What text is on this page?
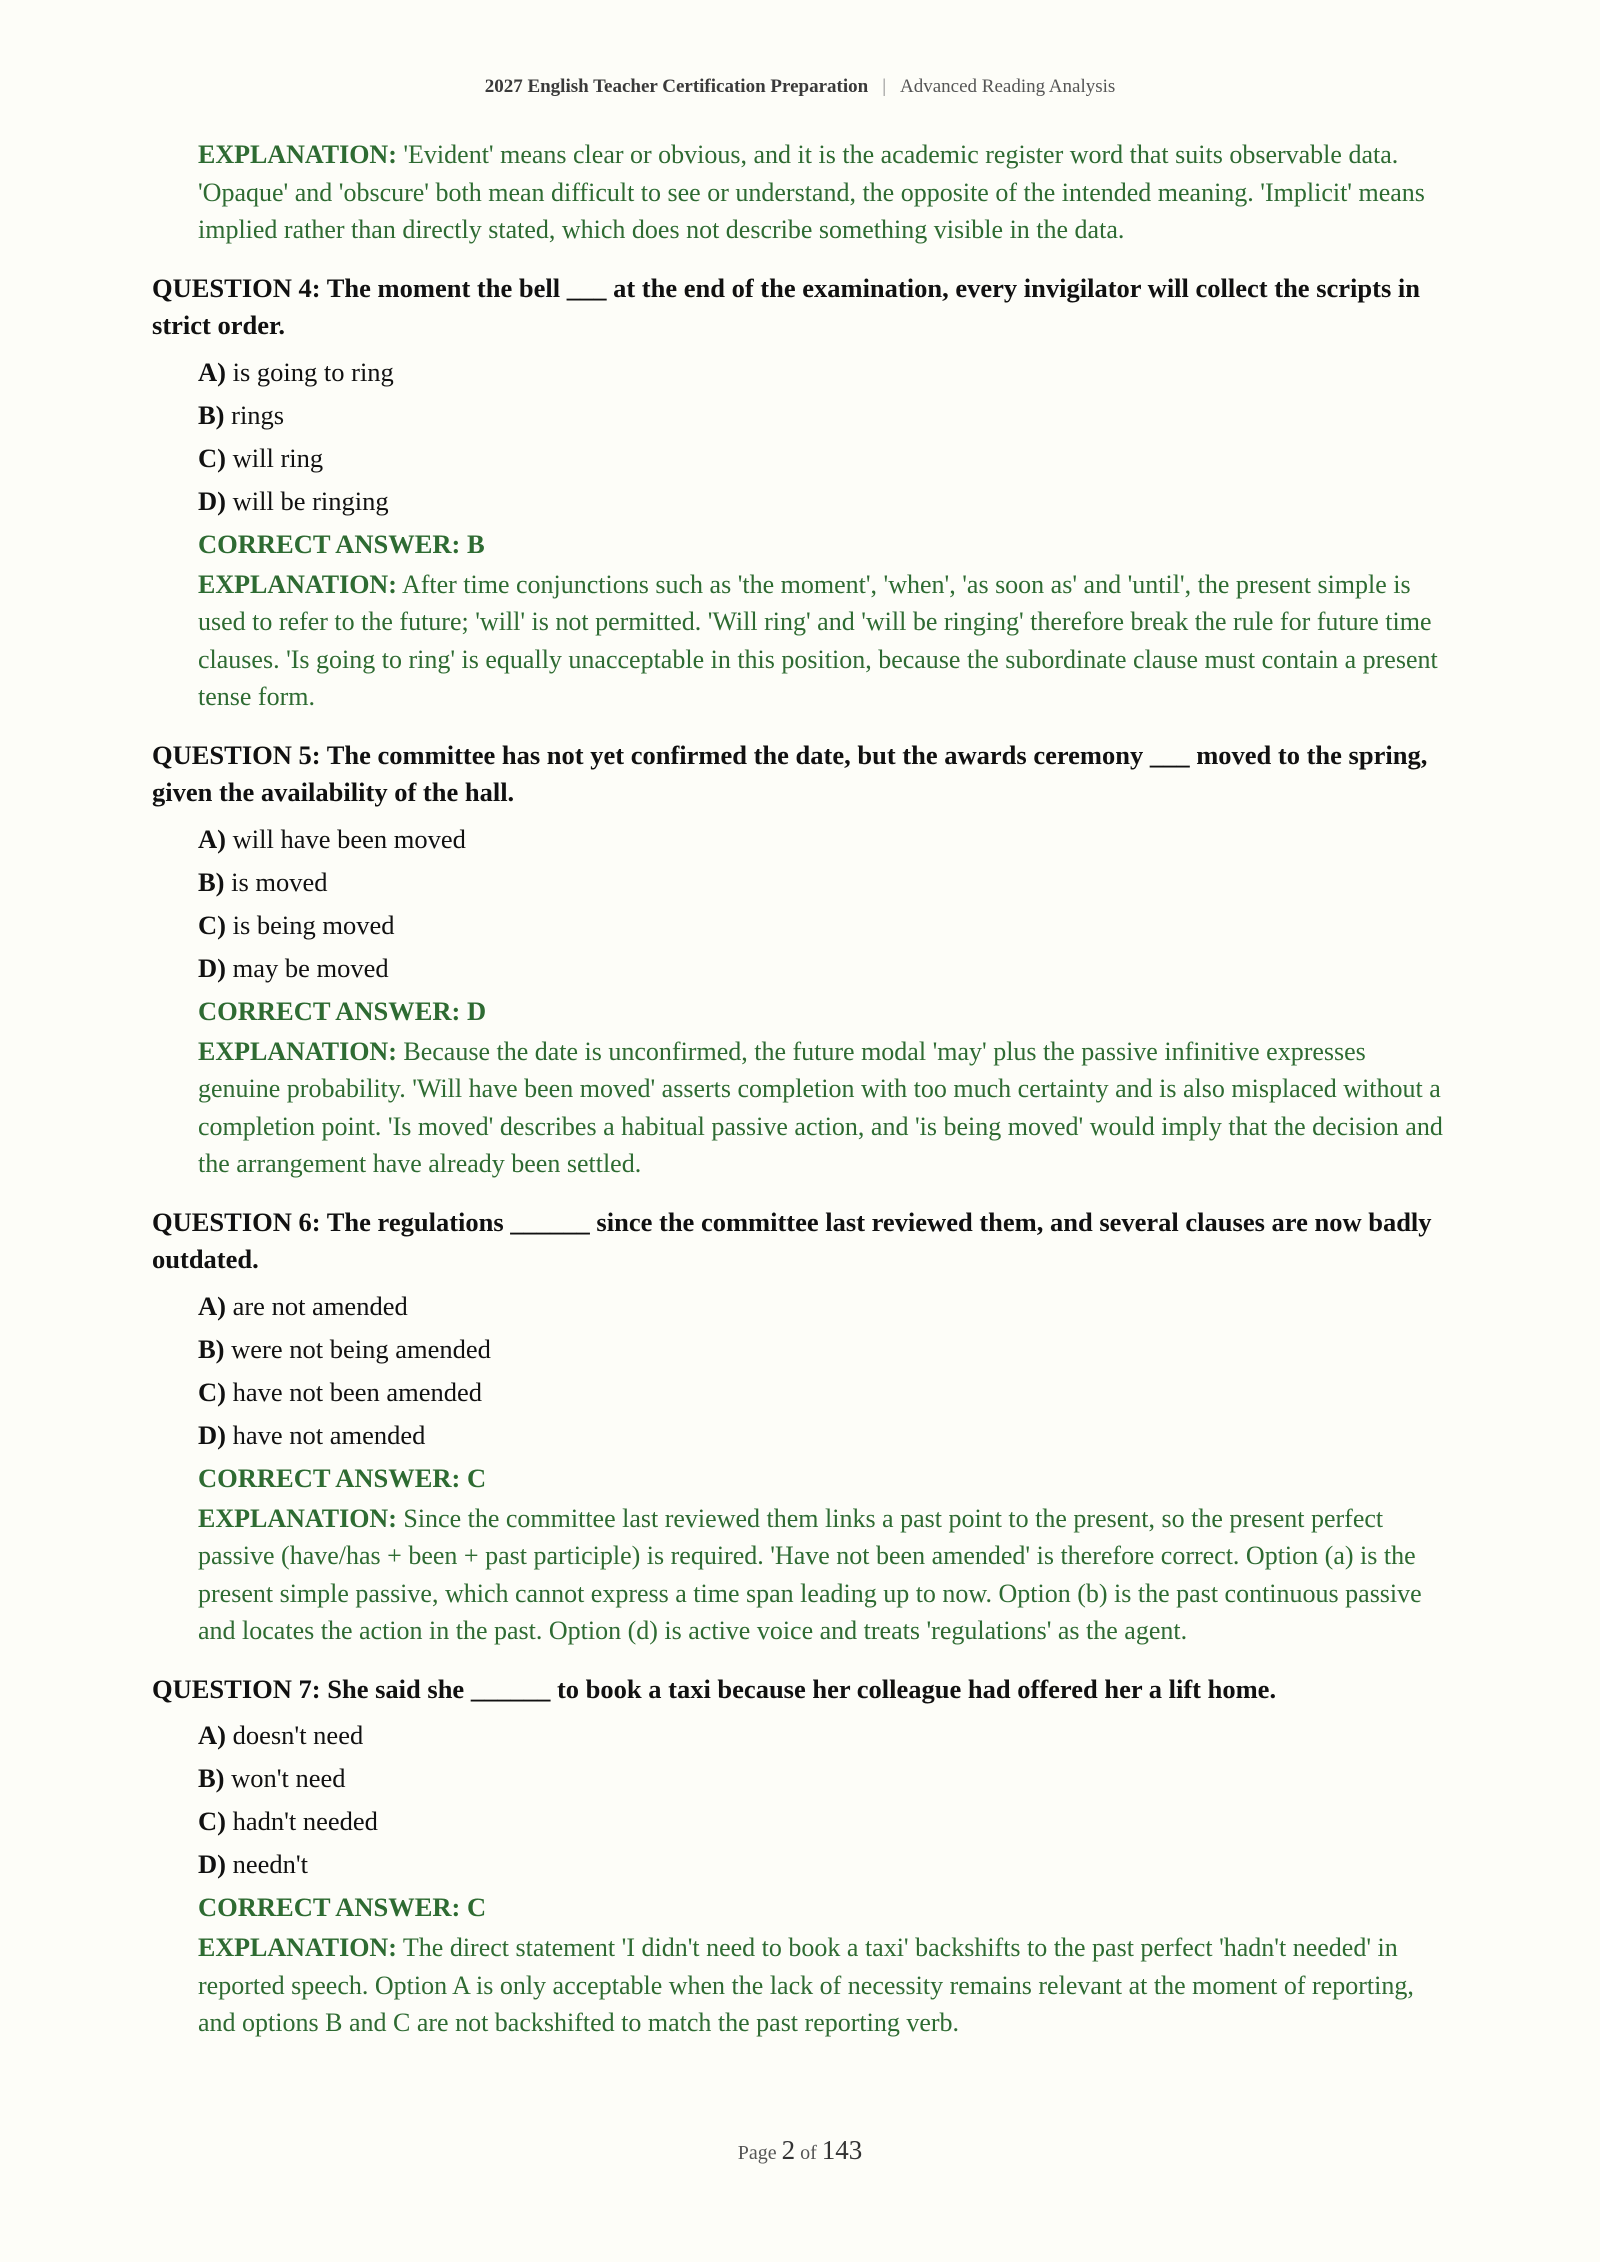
2027 English Teacher Certification Preparation | Advanced Reading Analysis
EXPLANATION: 'Evident' means clear or obvious, and it is the academic register word that suits observable data. 'Opaque' and 'obscure' both mean difficult to see or understand, the opposite of the intended meaning. 'Implicit' means implied rather than directly stated, which does not describe something visible in the data.
QUESTION 4: The moment the bell ___ at the end of the examination, every invigilator will collect the scripts in strict order.
A) is going to ring
B) rings
C) will ring
D) will be ringing
CORRECT ANSWER: B
EXPLANATION: After time conjunctions such as 'the moment', 'when', 'as soon as' and 'until', the present simple is used to refer to the future; 'will' is not permitted. 'Will ring' and 'will be ringing' therefore break the rule for future time clauses. 'Is going to ring' is equally unacceptable in this position, because the subordinate clause must contain a present tense form.
QUESTION 5: The committee has not yet confirmed the date, but the awards ceremony ___ moved to the spring, given the availability of the hall.
A) will have been moved
B) is moved
C) is being moved
D) may be moved
CORRECT ANSWER: D
EXPLANATION: Because the date is unconfirmed, the future modal 'may' plus the passive infinitive expresses genuine probability. 'Will have been moved' asserts completion with too much certainty and is also misplaced without a completion point. 'Is moved' describes a habitual passive action, and 'is being moved' would imply that the decision and the arrangement have already been settled.
QUESTION 6: The regulations ______ since the committee last reviewed them, and several clauses are now badly outdated.
A) are not amended
B) were not being amended
C) have not been amended
D) have not amended
CORRECT ANSWER: C
EXPLANATION: Since the committee last reviewed them links a past point to the present, so the present perfect passive (have/has + been + past participle) is required. 'Have not been amended' is therefore correct. Option (a) is the present simple passive, which cannot express a time span leading up to now. Option (b) is the past continuous passive and locates the action in the past. Option (d) is active voice and treats 'regulations' as the agent.
QUESTION 7: She said she ______ to book a taxi because her colleague had offered her a lift home.
A) doesn't need
B) won't need
C) hadn't needed
D) needn't
CORRECT ANSWER: C
EXPLANATION: The direct statement 'I didn't need to book a taxi' backshifts to the past perfect 'hadn't needed' in reported speech. Option A is only acceptable when the lack of necessity remains relevant at the moment of reporting, and options B and C are not backshifted to match the past reporting verb.
Page 2 of 143
